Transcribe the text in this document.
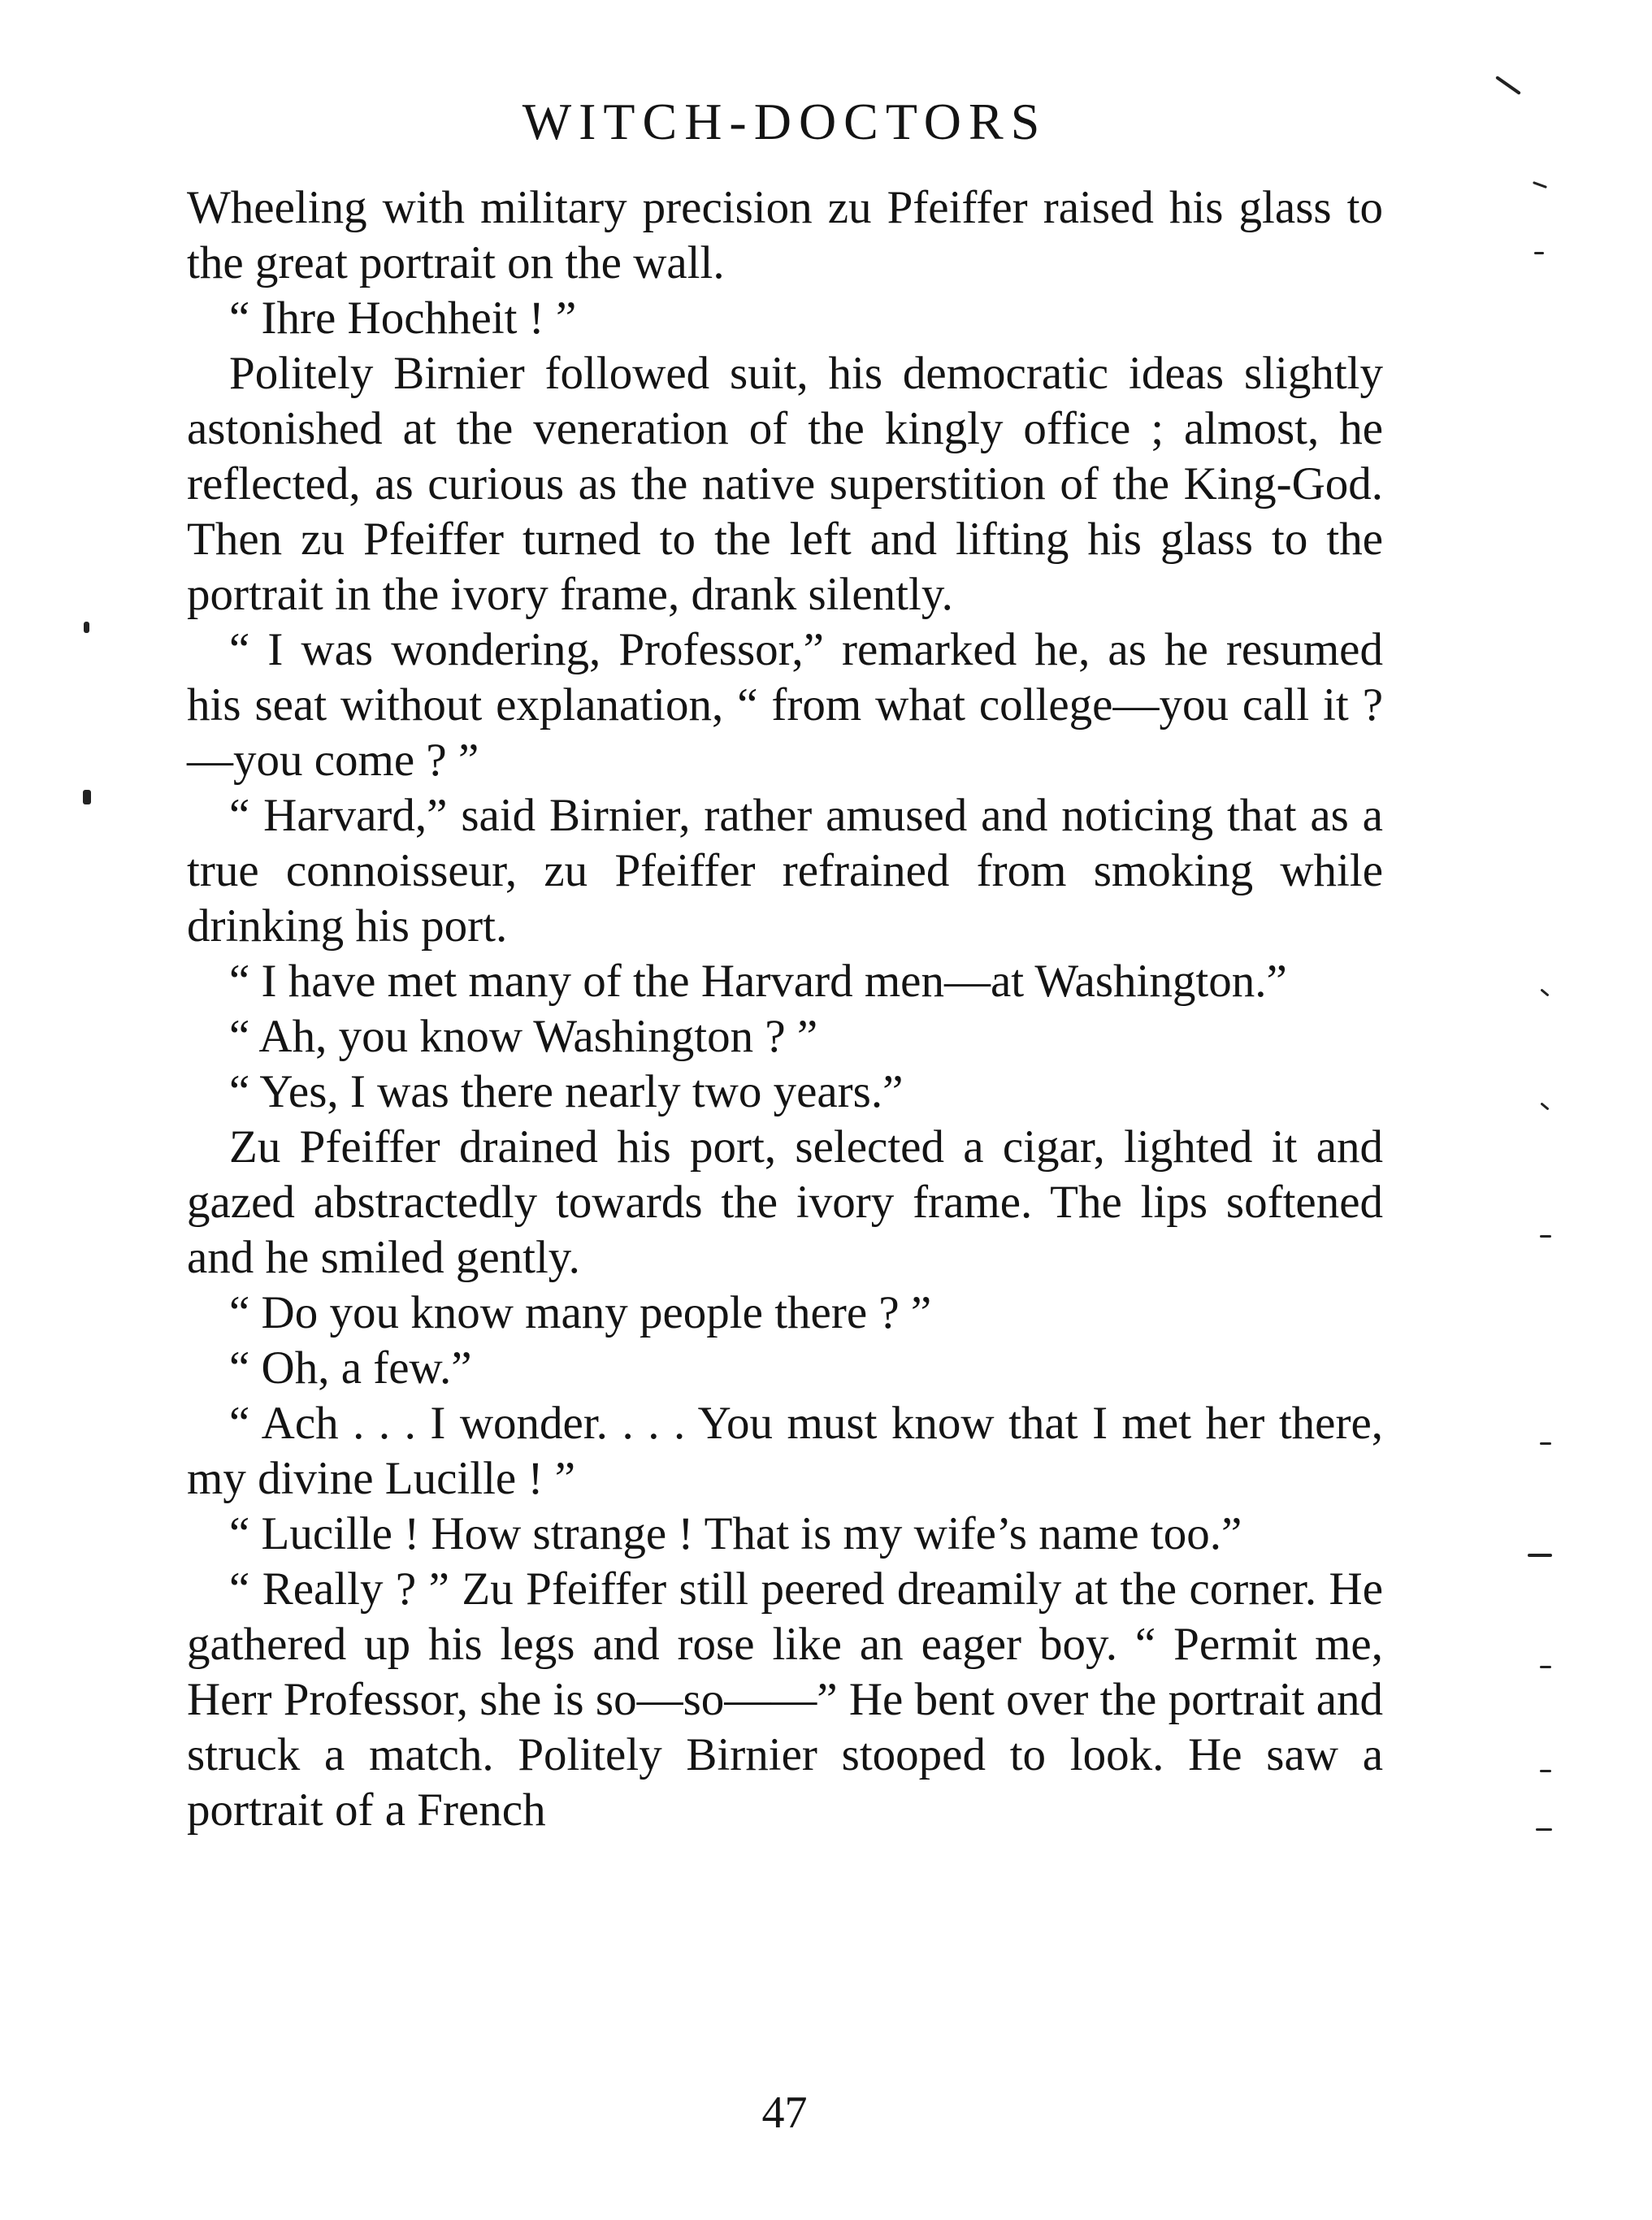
WITCH-DOCTORS

Wheeling with military precision zu Pfeiffer raised his glass to the great portrait on the wall.

“ Ihre Hochheit ! ”

Politely Birnier followed suit, his democratic ideas slightly astonished at the veneration of the kingly office ; almost, he reflected, as curious as the native superstition of the King-God. Then zu Pfeiffer turned to the left and lifting his glass to the portrait in the ivory frame, drank silently.

“ I was wondering, Professor,” remarked he, as he resumed his seat without explanation, “ from what college—you call it ?—you come ? ”

“ Harvard,” said Birnier, rather amused and noticing that as a true connoisseur, zu Pfeiffer refrained from smoking while drinking his port.

“ I have met many of the Harvard men—at Washington.”

“ Ah, you know Washington ? ”

“ Yes, I was there nearly two years.”

Zu Pfeiffer drained his port, selected a cigar, lighted it and gazed abstractedly towards the ivory frame. The lips softened and he smiled gently.

“ Do you know many people there ? ”

“ Oh, a few.”

“ Ach . . . I wonder. . . . You must know that I met her there, my divine Lucille ! ”

“ Lucille ! How strange ! That is my wife’s name too.”

“ Really ? ” Zu Pfeiffer still peered dreamily at the corner. He gathered up his legs and rose like an eager boy. “ Permit me, Herr Professor, she is so—so——” He bent over the portrait and struck a match. Politely Birnier stooped to look. He saw a portrait of a French

47
